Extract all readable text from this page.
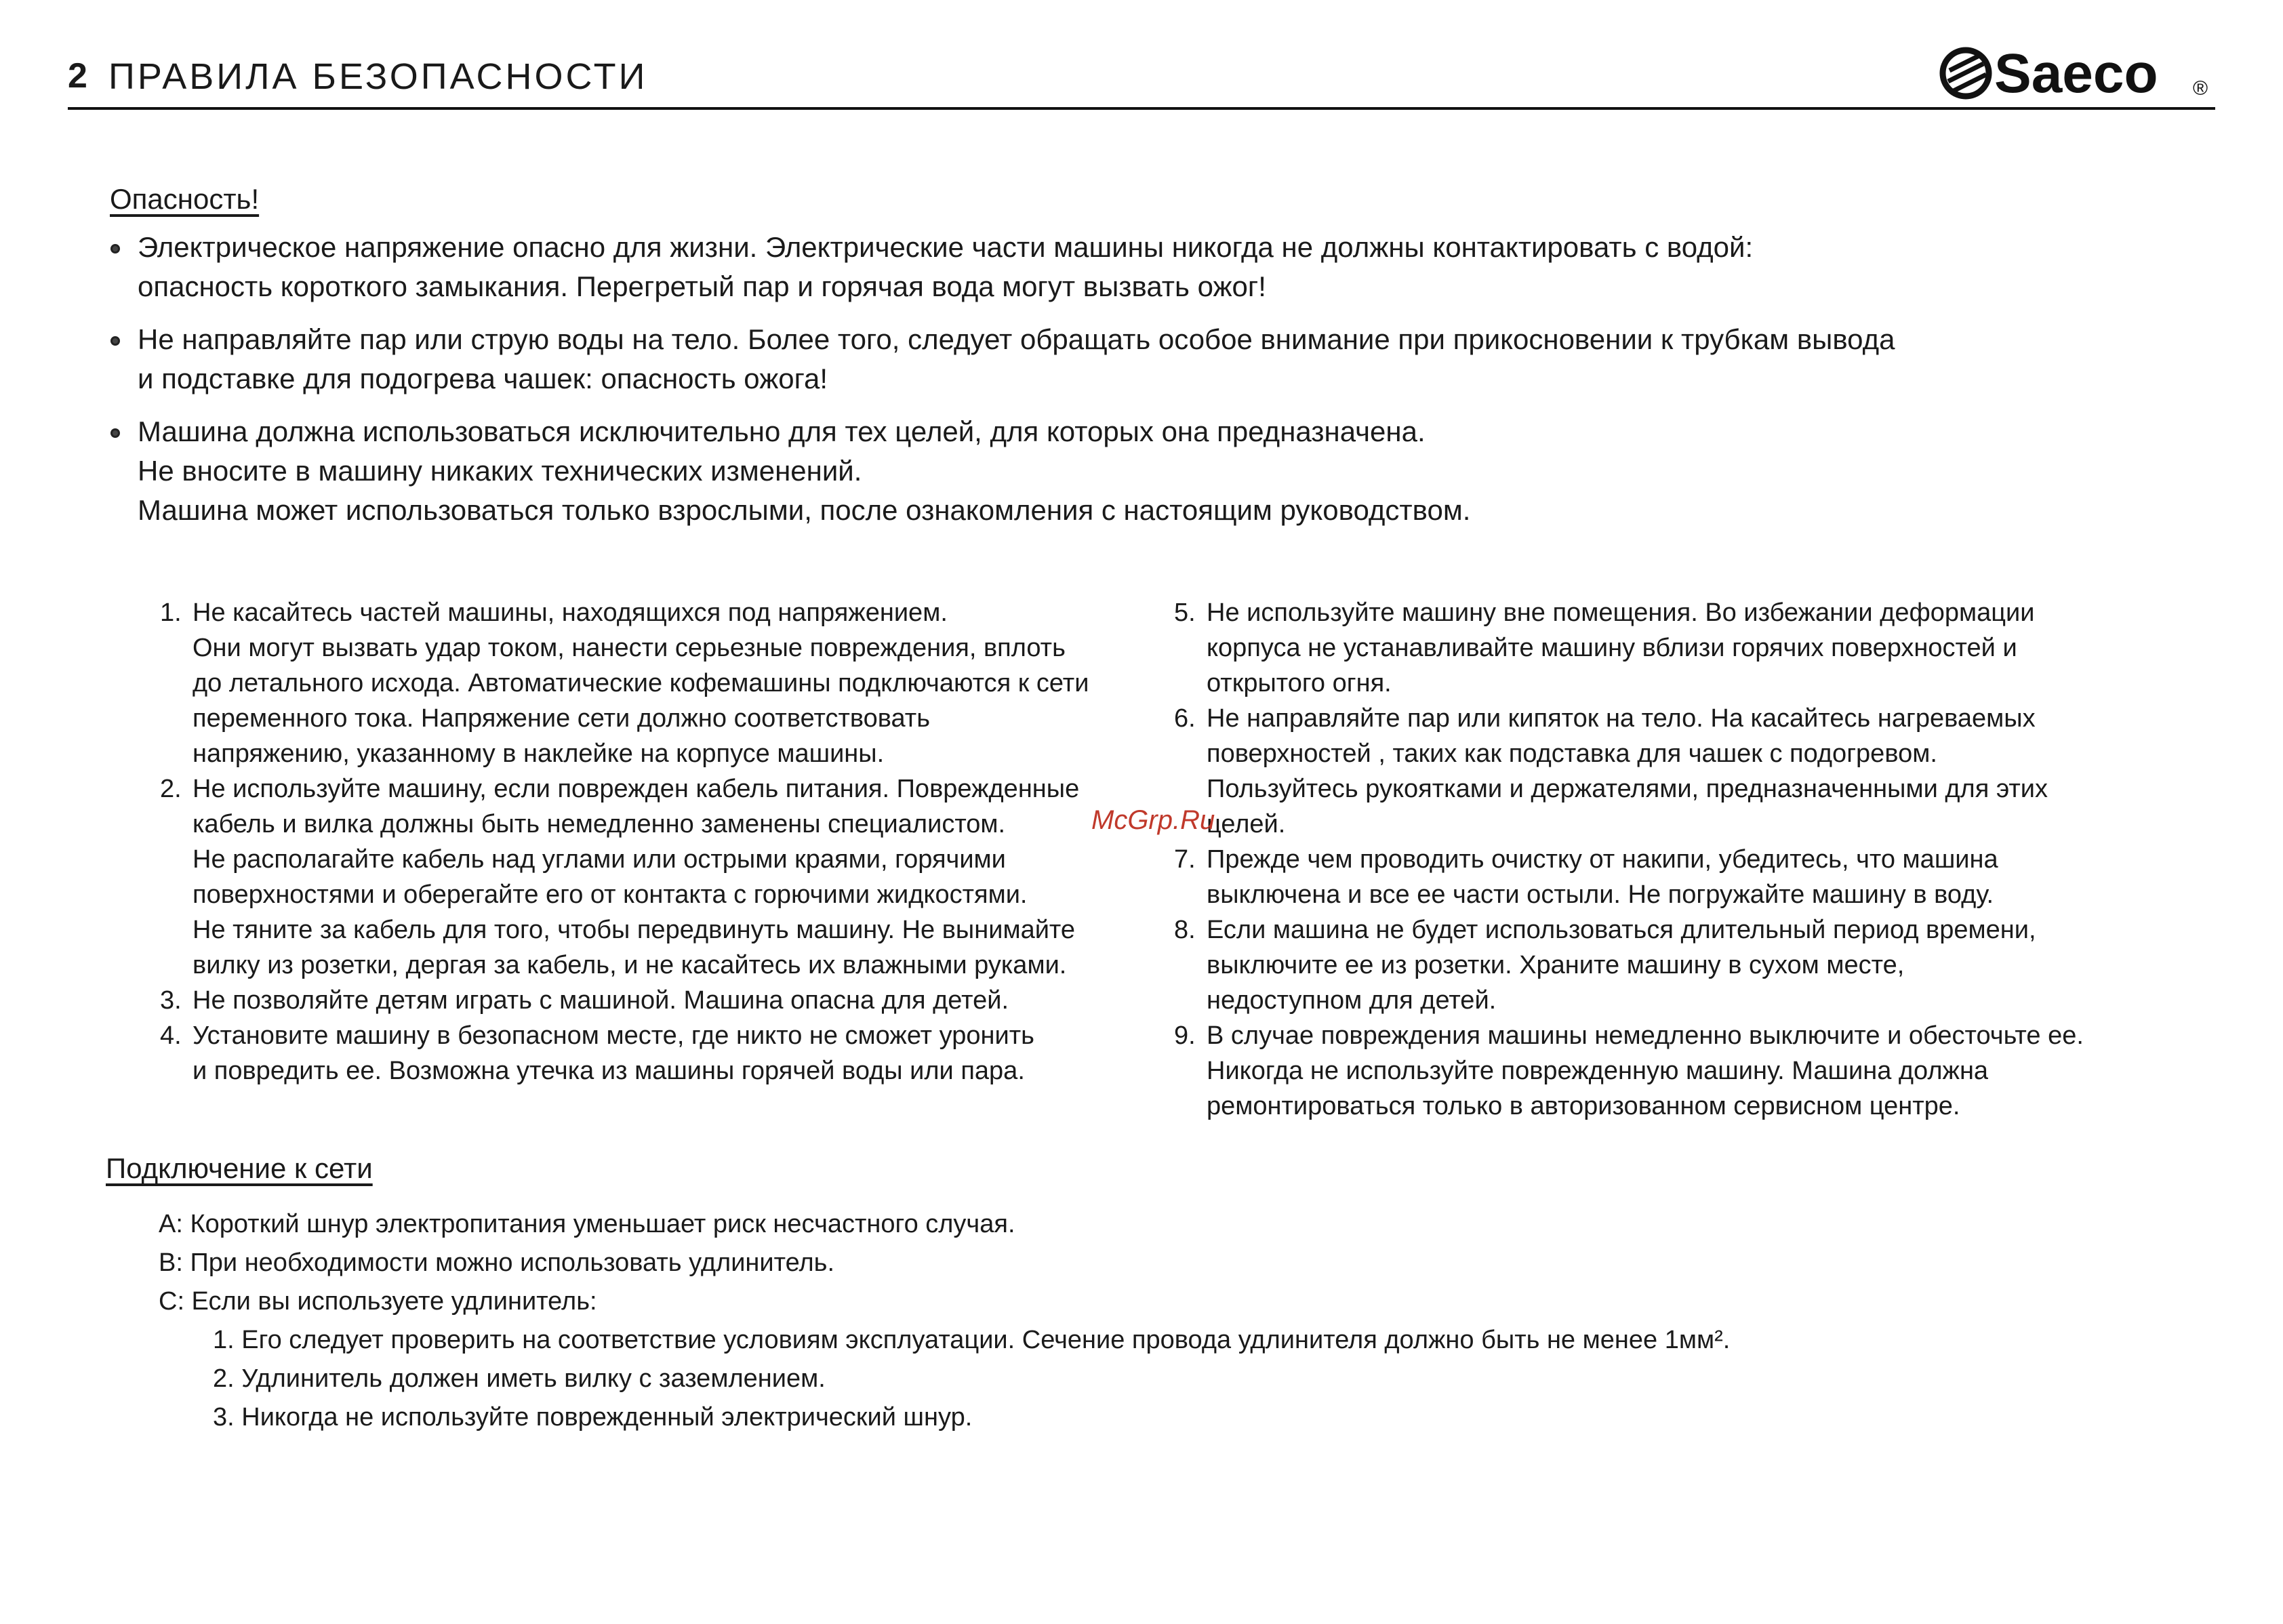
2 ПРАВИЛА БЕЗОПАСНОСТИ	Saeco ®
Опасность!
Электрическое напряжение опасно для жизни. Электрические части машины никогда не должны контактировать с водой:
опасность короткого замыкания. Перегретый пар и горячая вода могут вызвать ожог!
Не направляйте пар или струю воды на тело. Более того, следует обращать особое внимание при прикосновении к трубкам вывода
и подставке для подогрева чашек: опасность ожога!
Машина должна использоваться исключительно для тех целей, для которых она предназначена.
Не вносите в машину никаких технических изменений.
Машина может использоваться только взрослыми, после ознакомления с настоящим руководством.
1. Не касайтесь частей машины, находящихся под напряжением.
Они могут вызвать удар током, нанести серьезные повреждения, вплоть
до летального исхода. Автоматические кофемашины подключаются к сети
переменного тока. Напряжение сети должно соответствовать
напряжению, указанному в наклейке на корпусе машины.
2. Не используйте машину, если поврежден кабель питания. Поврежденные
кабель и вилка должны быть немедленно заменены специалистом.
Не располагайте кабель над углами или острыми краями, горячими
поверхностями и оберегайте его от контакта с горючими жидкостями.
Не тяните за кабель для того, чтобы передвинуть машину. Не вынимайте
вилку из розетки, дергая за кабель, и не касайтесь их влажными руками.
3. Не позволяйте детям играть с машиной. Машина опасна для детей.
4. Установите машину в безопасном месте, где никто не сможет уронить
и повредить ее. Возможна утечка из машины горячей воды или пара.
5. Не используйте машину вне помещения. Во избежании деформации
корпуса не устанавливайте машину вблизи горячих поверхностей и
открытого огня.
6. Не направляйте пар или кипяток на тело. На касайтесь нагреваемых
поверхностей , таких как подставка для чашек с подогревом.
Пользуйтесь рукоятками и держателями, предназначенными для этих
целей.
7. Прежде чем проводить очистку от накипи, убедитесь, что машина
выключена и все ее части остыли. Не погружайте машину в воду.
8. Если машина не будет использоваться длительный период времени,
выключите ее из розетки. Храните машину в сухом месте,
недоступном для детей.
9. В случае повреждения машины немедленно выключите и обесточьте ее.
Никогда не используйте поврежденную машину. Машина должна
ремонтироваться только в авторизованном сервисном центре.
McGrp.Ru
Подключение к сети
A: Короткий шнур электропитания уменьшает риск несчастного случая.
B: При необходимости можно использовать удлинитель.
C: Если вы используете удлинитель:
1. Его следует проверить на соответствие условиям эксплуатации. Сечение провода удлинителя должно быть не менее 1мм².
2. Удлинитель должен иметь вилку с заземлением.
3. Никогда не используйте поврежденный электрический шнур.
